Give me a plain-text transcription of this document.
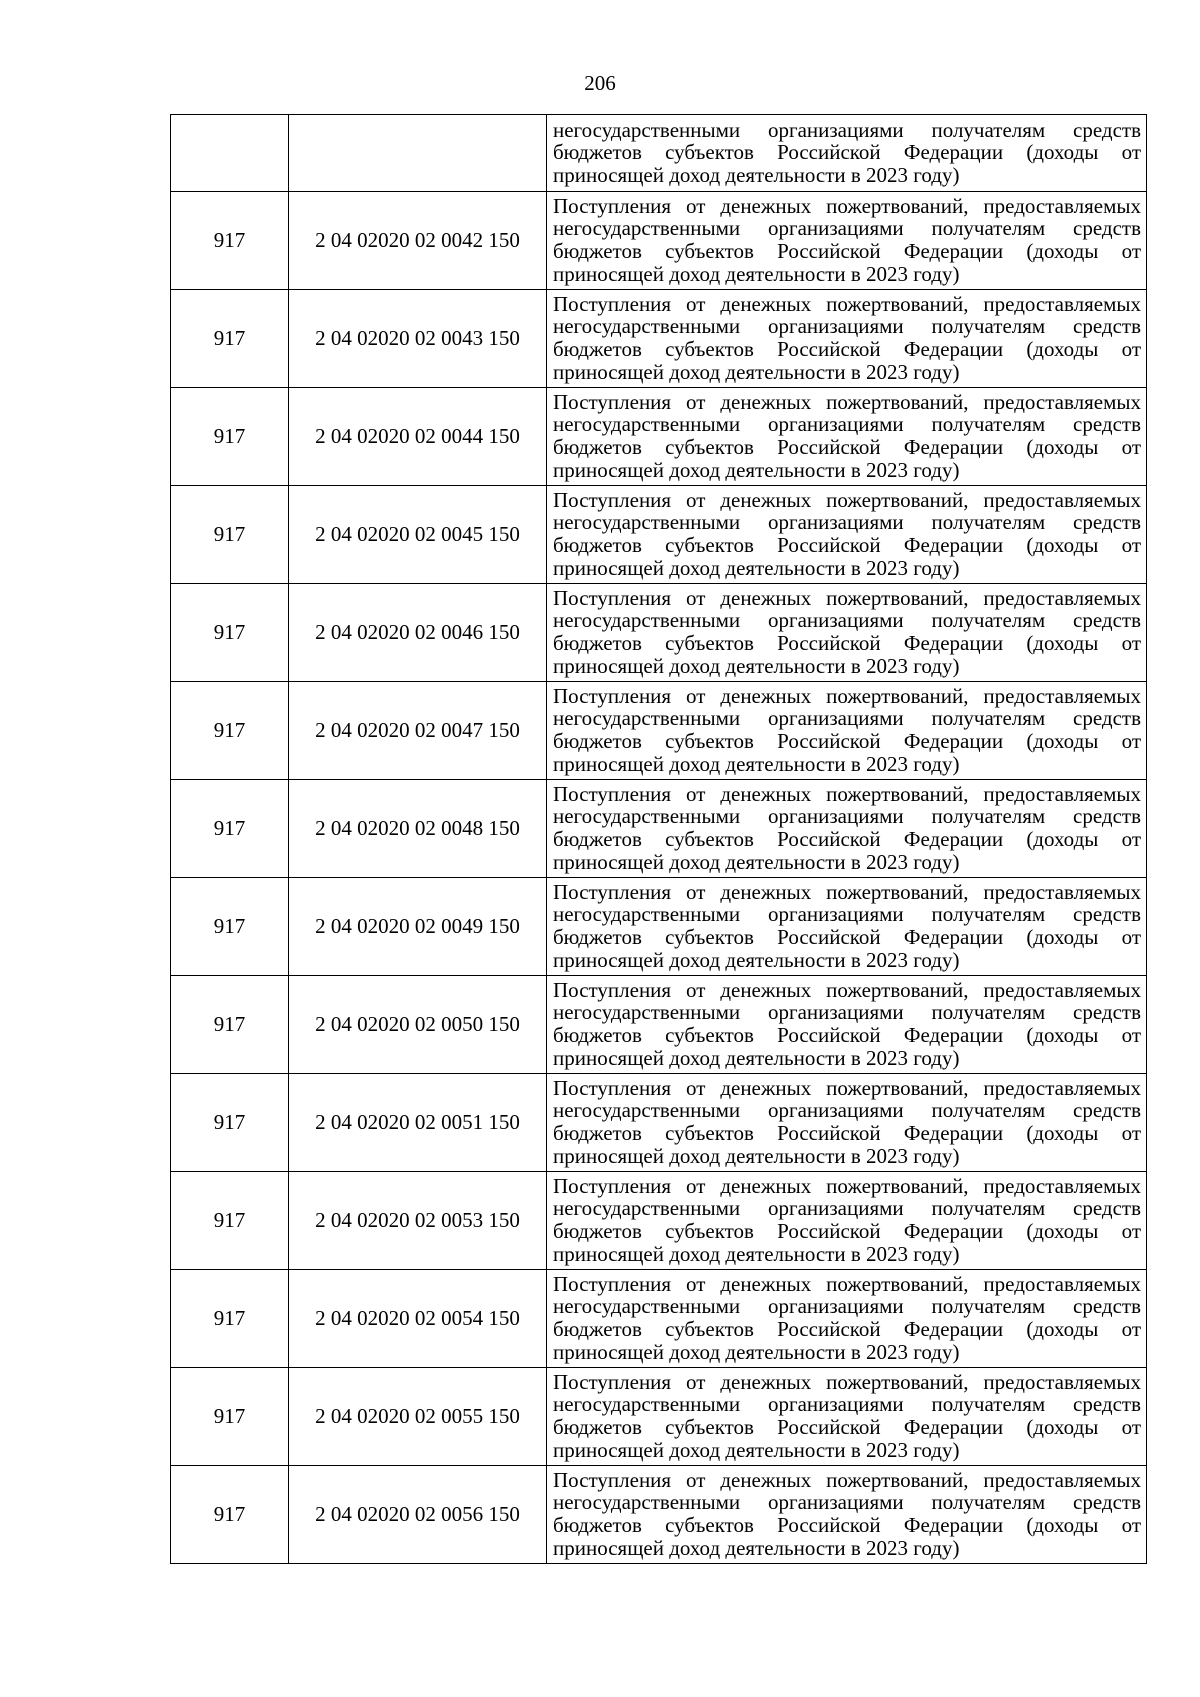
206
		негосударственными организациями получателям средств бюджетов субъектов Российской Федерации (доходы от приносящей доход деятельности в 2023 году)
917	2 04 02020 02 0042 150	Поступления от денежных пожертвований, предоставляемых негосударственными организациями получателям средств бюджетов субъектов Российской Федерации (доходы от приносящей доход деятельности в 2023 году)
917	2 04 02020 02 0043 150	Поступления от денежных пожертвований, предоставляемых негосударственными организациями получателям средств бюджетов субъектов Российской Федерации (доходы от приносящей доход деятельности в 2023 году)
917	2 04 02020 02 0044 150	Поступления от денежных пожертвований, предоставляемых негосударственными организациями получателям средств бюджетов субъектов Российской Федерации (доходы от приносящей доход деятельности в 2023 году)
917	2 04 02020 02 0045 150	Поступления от денежных пожертвований, предоставляемых негосударственными организациями получателям средств бюджетов субъектов Российской Федерации (доходы от приносящей доход деятельности в 2023 году)
917	2 04 02020 02 0046 150	Поступления от денежных пожертвований, предоставляемых негосударственными организациями получателям средств бюджетов субъектов Российской Федерации (доходы от приносящей доход деятельности в 2023 году)
917	2 04 02020 02 0047 150	Поступления от денежных пожертвований, предоставляемых негосударственными организациями получателям средств бюджетов субъектов Российской Федерации (доходы от приносящей доход деятельности в 2023 году)
917	2 04 02020 02 0048 150	Поступления от денежных пожертвований, предоставляемых негосударственными организациями получателям средств бюджетов субъектов Российской Федерации (доходы от приносящей доход деятельности в 2023 году)
917	2 04 02020 02 0049 150	Поступления от денежных пожертвований, предоставляемых негосударственными организациями получателям средств бюджетов субъектов Российской Федерации (доходы от приносящей доход деятельности в 2023 году)
917	2 04 02020 02 0050 150	Поступления от денежных пожертвований, предоставляемых негосударственными организациями получателям средств бюджетов субъектов Российской Федерации (доходы от приносящей доход деятельности в 2023 году)
917	2 04 02020 02 0051 150	Поступления от денежных пожертвований, предоставляемых негосударственными организациями получателям средств бюджетов субъектов Российской Федерации (доходы от приносящей доход деятельности в 2023 году)
917	2 04 02020 02 0053 150	Поступления от денежных пожертвований, предоставляемых негосударственными организациями получателям средств бюджетов субъектов Российской Федерации (доходы от приносящей доход деятельности в 2023 году)
917	2 04 02020 02 0054 150	Поступления от денежных пожертвований, предоставляемых негосударственными организациями получателям средств бюджетов субъектов Российской Федерации (доходы от приносящей доход деятельности в 2023 году)
917	2 04 02020 02 0055 150	Поступления от денежных пожертвований, предоставляемых негосударственными организациями получателям средств бюджетов субъектов Российской Федерации (доходы от приносящей доход деятельности в 2023 году)
917	2 04 02020 02 0056 150	Поступления от денежных пожертвований, предоставляемых негосударственными организациями получателям средств бюджетов субъектов Российской Федерации (доходы от приносящей доход деятельности в 2023 году)
